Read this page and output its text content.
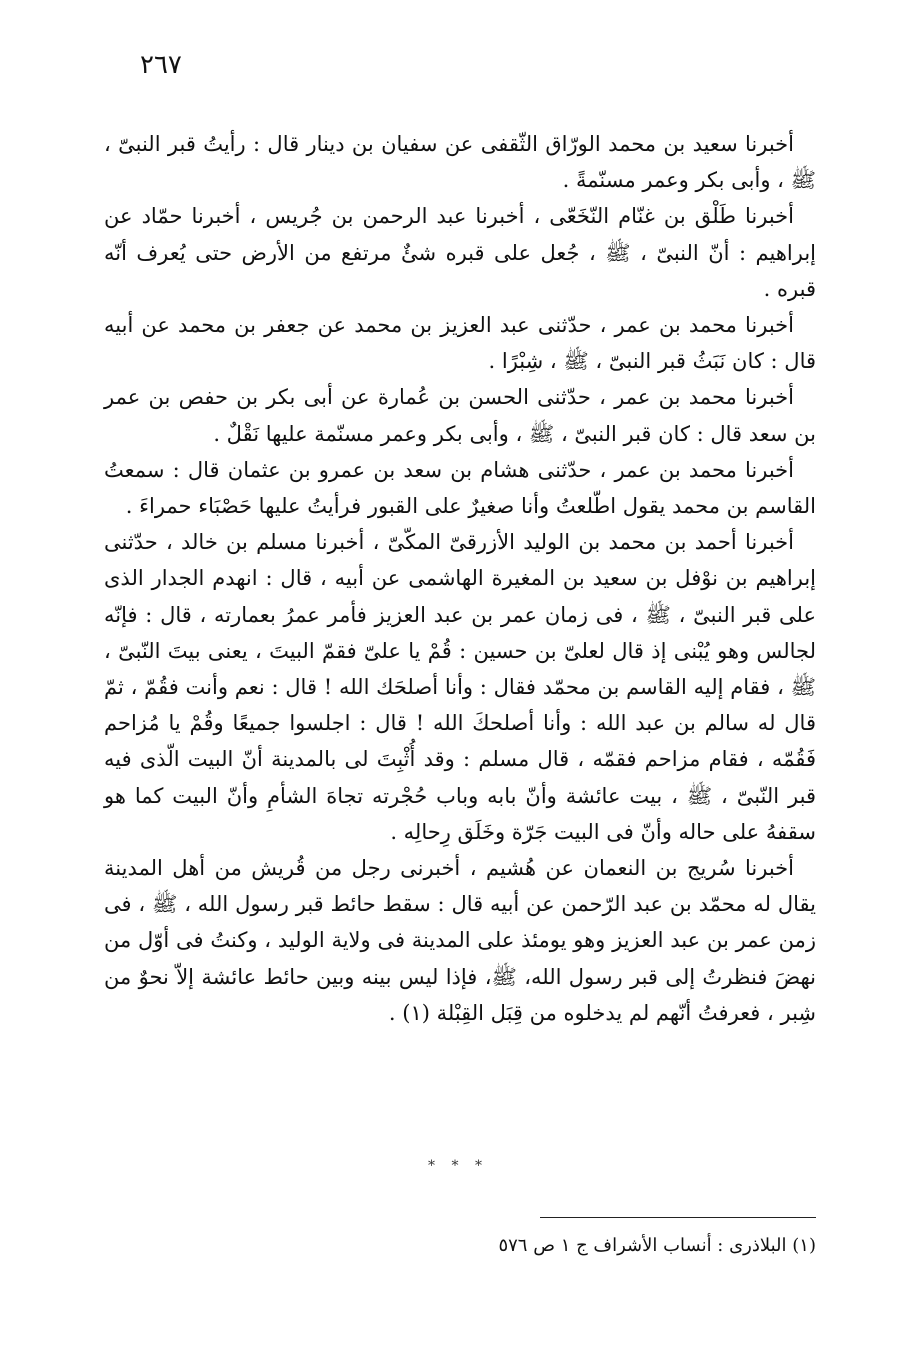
٢٦٧

أخبرنا سعيد بن محمد الورّاق الثّقفى عن سفيان بن دينار قال : رأيتُ قبر النبىّ ، ﷺ ، وأبى بكر وعمر مسنّمةً .

أخبرنا طَلْق بن غنّام النّخَعّى ، أخبرنا عبد الرحمن بن جُريس ، أخبرنا حمّاد عن إبراهيم : أنّ النبىّ ، ﷺ ، جُعل على قبره شئٌ مرتفع من الأرض حتى يُعرف أنّه قبره .

أخبرنا محمد بن عمر ، حدّثنى عبد العزيز بن محمد عن جعفر بن محمد عن أبيه قال : كان نَبَثُ قبر النبىّ ، ﷺ ، شِبْرًا .

أخبرنا محمد بن عمر ، حدّثنى الحسن بن عُمارة عن أبى بكر بن حفص بن عمر بن سعد قال : كان قبر النبىّ ، ﷺ ، وأبى بكر وعمر مسنّمة عليها نَقْلٌ .

أخبرنا محمد بن عمر ، حدّثنى هشام بن سعد بن عمرو بن عثمان قال : سمعتُ القاسم بن محمد يقول اطّلعتُ وأنا صغيرٌ على القبور فرأيتُ عليها حَصْبَاء حمراءَ .

أخبرنا أحمد بن محمد بن الوليد الأزرقىّ المكّىّ ، أخبرنا مسلم بن خالد ، حدّثنى إبراهيم بن نوْفل بن سعيد بن المغيرة الهاشمى عن أبيه ، قال : انهدم الجدار الذى على قبر النبىّ ، ﷺ ، فى زمان عمر بن عبد العزيز فأمر عمرُ بعمارته ، قال : فإنّه لجالس وهو يُبْنى إذ قال لعلىّ بن حسين : قُمْ يا علىّ فقمّ البيتَ ، يعنى بيتَ النّبىّ ، ﷺ ، فقام إليه القاسم بن محمّد فقال : وأنا أصلحَك الله ! قال : نعم وأنت فقُمّ ، ثمّ قال له سالم بن عبد الله : وأنا أصلحكَ الله ! قال : اجلسوا جميعًا وقُمْ يا مُزاحم فَقُمّه ، فقام مزاحم فقمّه ، قال مسلم : وقد أُثْبِتَ لى بالمدينة أنّ البيت الّذى فيه قبر النّبىّ ، ﷺ ، بيت عائشة وأنّ بابه وباب حُجْرته تجاهَ الشأمِ وأنّ البيت كما هو سقفهُ على حاله وأنّ فى البيت جَرّة وخَلَق رِحالِه .

أخبرنا سُريج بن النعمان عن هُشيم ، أخبرنى رجل من قُريش من أهل المدينة يقال له محمّد بن عبد الرّحمن عن أبيه قال : سقط حائط قبر رسول الله ، ﷺ ، فى زمن عمر بن عبد العزيز وهو يومئذ على المدينة فى ولاية الوليد ، وكنتُ فى أوّل من نهضَ فنظرتُ إلى قبر رسول الله، ﷺ، فإذا ليس بينه وبين حائط عائشة إلاّ نحوٌ من شِبر ، فعرفتُ أنّهم لم يدخلوه من قِبَل القِبْلة (١) .

* * *
(١) البلاذرى : أنساب الأشراف ج ١ ص ٥٧٦
